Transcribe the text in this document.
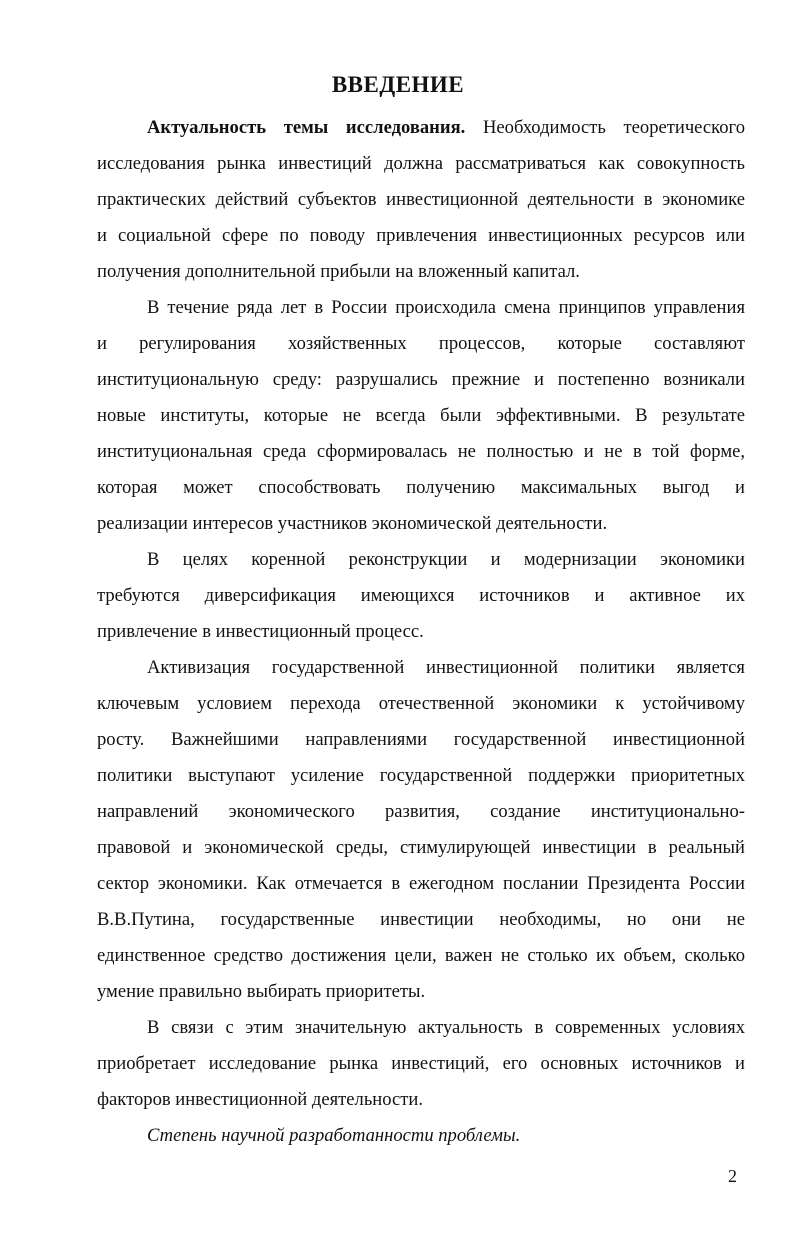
ВВЕДЕНИЕ
Актуальность темы исследования. Необходимость теоретического
исследования рынка инвестиций должна рассматриваться как совокупность
практических действий субъектов инвестиционной деятельности в экономике
и социальной сфере по поводу привлечения инвестиционных ресурсов или
получения дополнительной прибыли на вложенный капитал.
В течение ряда лет в России происходила смена принципов управления
и регулирования хозяйственных процессов, которые составляют
институциональную среду: разрушались прежние и постепенно возникали
новые институты, которые не всегда были эффективными. В результате
институциональная среда сформировалась не полностью и не в той форме,
которая может способствовать получению максимальных выгод и
реализации интересов участников экономической деятельности.
В целях коренной реконструкции и модернизации экономики
требуются диверсификация имеющихся источников и активное их
привлечение в инвестиционный процесс.
Активизация государственной инвестиционной политики является
ключевым условием перехода отечественной экономики к устойчивому
росту. Важнейшими направлениями государственной инвестиционной
политики выступают усиление государственной поддержки приоритетных
направлений экономического развития, создание институционально-
правовой и экономической среды, стимулирующей инвестиции в реальный
сектор экономики. Как отмечается в ежегодном послании Президента России
В.В.Путина, государственные инвестиции необходимы, но они не
единственное средство достижения цели, важен не столько их объем, сколько
умение правильно выбирать приоритеты.
В связи с этим значительную актуальность в современных условиях
приобретает исследование рынка инвестиций, его основных источников и
факторов инвестиционной деятельности.
Степень научной разработанности проблемы.
2
